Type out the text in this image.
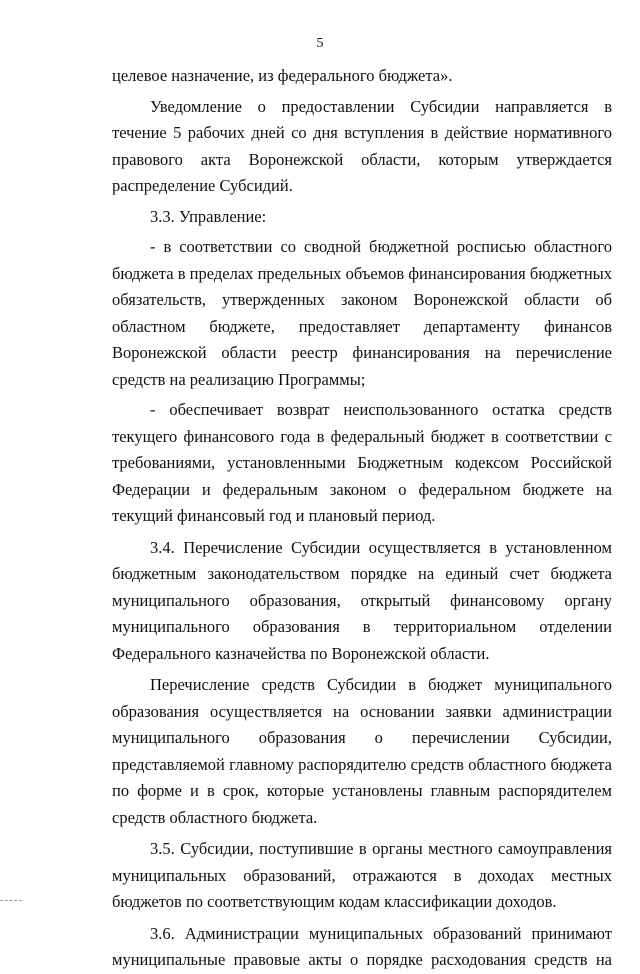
5

целевое назначение, из федерального бюджета».

Уведомление о предоставлении Субсидии направляется в течение 5 рабочих дней со дня вступления в действие нормативного правового акта Воронежской области, которым утверждается распределение Субсидий.

3.3. Управление:

- в соответствии со сводной бюджетной росписью областного бюджета в пределах предельных объемов финансирования бюджетных обязательств, утвержденных законом Воронежской области об областном бюджете, предоставляет департаменту финансов Воронежской области реестр финансирования на перечисление средств на реализацию Программы;

- обеспечивает возврат неиспользованного остатка средств текущего финансового года в федеральный бюджет в соответствии с требованиями, установленными Бюджетным кодексом Российской Федерации и федеральным законом о федеральном бюджете на текущий финансовый год и плановый период.

3.4. Перечисление Субсидии осуществляется в установленном бюджетным законодательством порядке на единый счет бюджета муниципального образования, открытый финансовому органу муниципального образования в территориальном отделении Федерального казначейства по Воронежской области.

Перечисление средств Субсидии в бюджет муниципального образования осуществляется на основании заявки администрации муниципального образования о перечислении Субсидии, представляемой главному распорядителю средств областного бюджета по форме и в срок, которые установлены главным распорядителем средств областного бюджета.

3.5. Субсидии, поступившие в органы местного самоуправления муниципальных образований, отражаются в доходах местных бюджетов по соответствующим кодам классификации доходов.

3.6. Администрации муниципальных образований принимают муниципальные правовые акты о порядке расходования средств на
